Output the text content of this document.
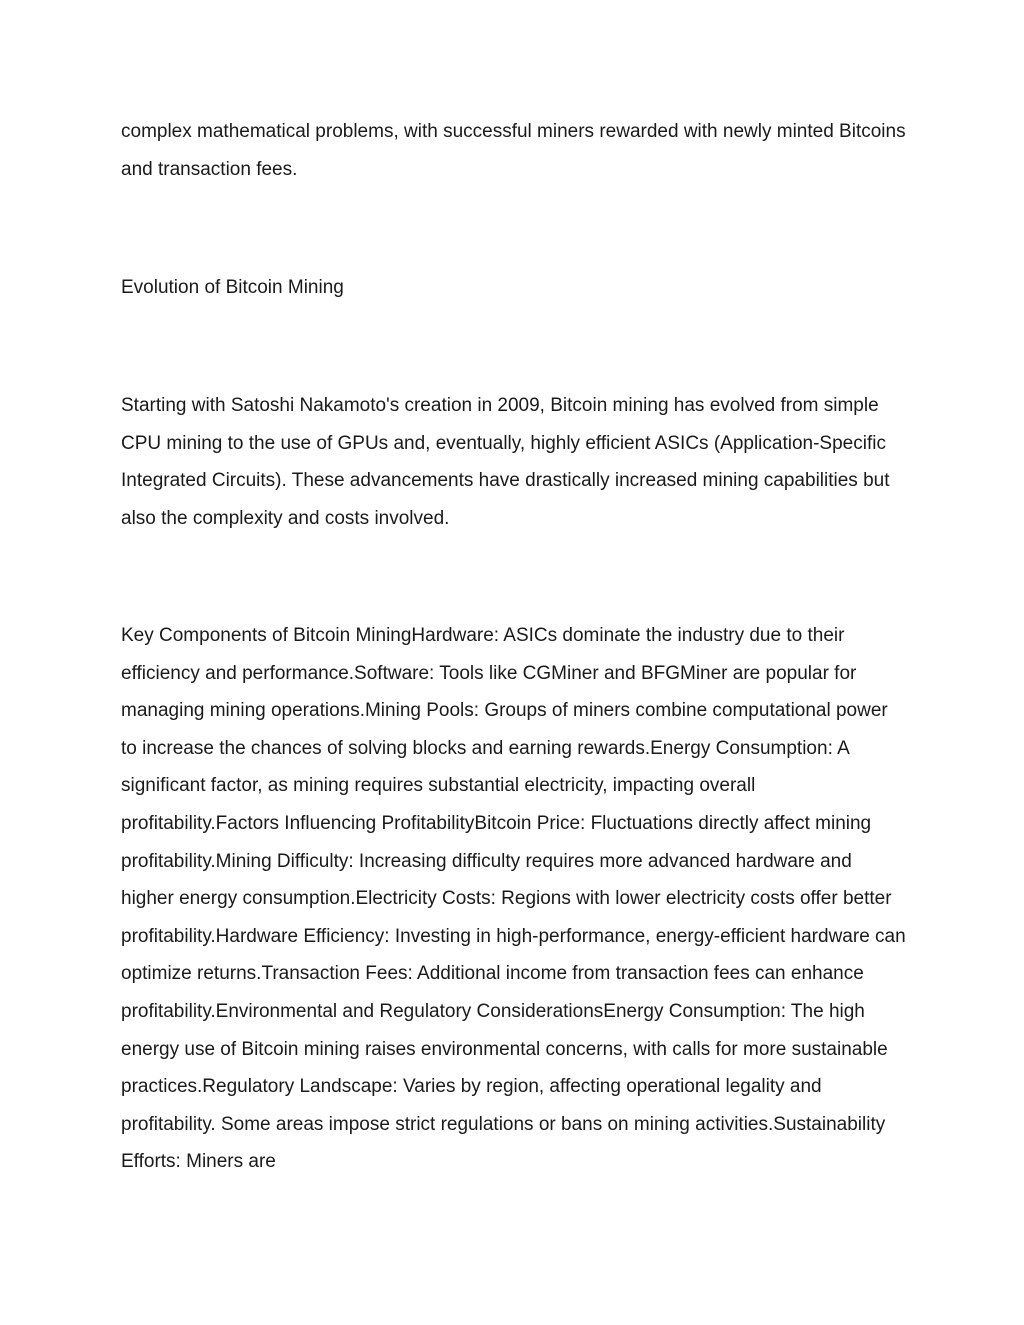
complex mathematical problems, with successful miners rewarded with newly minted Bitcoins and transaction fees.

Evolution of Bitcoin Mining

Starting with Satoshi Nakamoto's creation in 2009, Bitcoin mining has evolved from simple CPU mining to the use of GPUs and, eventually, highly efficient ASICs (Application-Specific Integrated Circuits). These advancements have drastically increased mining capabilities but also the complexity and costs involved.

Key Components of Bitcoin MiningHardware: ASICs dominate the industry due to their efficiency and performance.Software: Tools like CGMiner and BFGMiner are popular for managing mining operations.Mining Pools: Groups of miners combine computational power to increase the chances of solving blocks and earning rewards.Energy Consumption: A significant factor, as mining requires substantial electricity, impacting overall profitability.Factors Influencing ProfitabilityBitcoin Price: Fluctuations directly affect mining profitability.Mining Difficulty: Increasing difficulty requires more advanced hardware and higher energy consumption.Electricity Costs: Regions with lower electricity costs offer better profitability.Hardware Efficiency: Investing in high-performance, energy-efficient hardware can optimize returns.Transaction Fees: Additional income from transaction fees can enhance profitability.Environmental and Regulatory ConsiderationsEnergy Consumption: The high energy use of Bitcoin mining raises environmental concerns, with calls for more sustainable practices.Regulatory Landscape: Varies by region, affecting operational legality and profitability. Some areas impose strict regulations or bans on mining activities.Sustainability Efforts: Miners are
